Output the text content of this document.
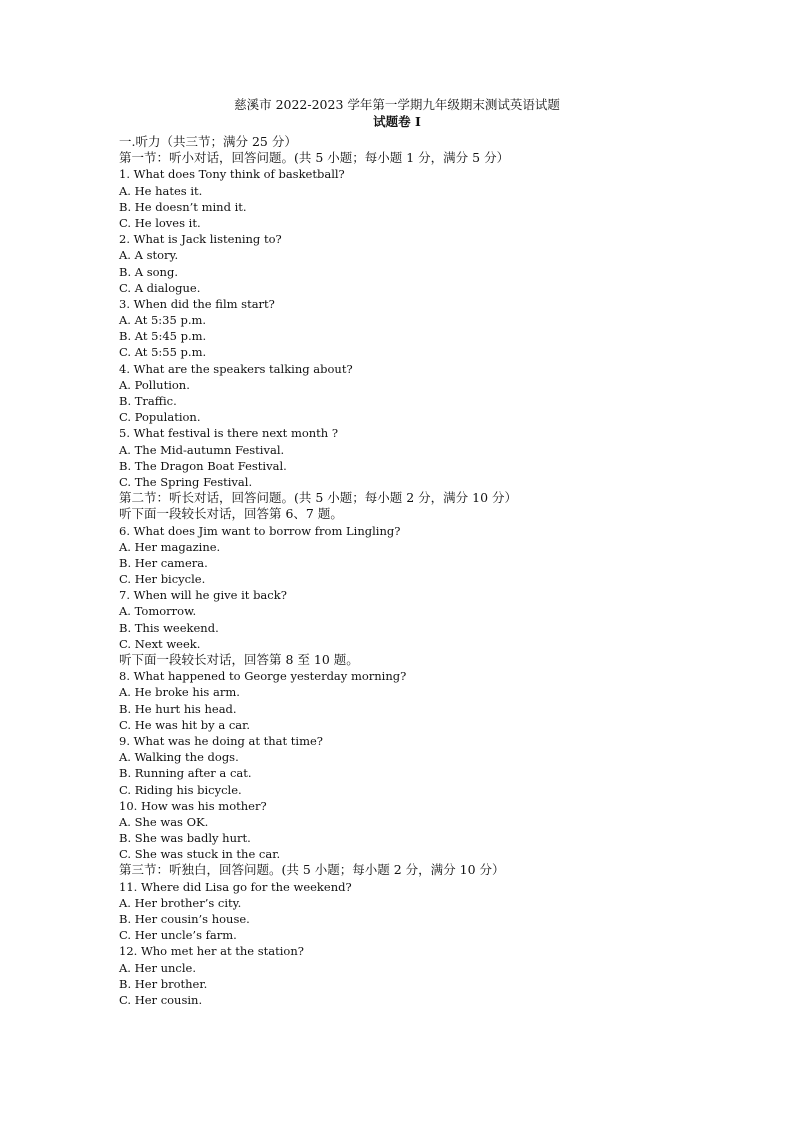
慈溪市 2022-2023 学年第一学期九年级期末测试英语试题
试题卷 I
一.听力（共三节；满分 25 分）
第一节：听小对话，回答问题。(共 5 小题；每小题 1 分，满分 5 分）
1. What does Tony think of basketball?
A. He hates it.
B. He doesn’t mind it.
C. He loves it.
2. What is Jack listening to?
A. A story.
B. A song.
C. A dialogue.
3. When did the film start?
A. At 5:35 p.m.
B. At 5:45 p.m.
C. At 5:55 p.m.
4. What are the speakers talking about?
A. Pollution.
B. Traffic.
C. Population.
5. What festival is there next month ?
A. The Mid-autumn Festival.
B. The Dragon Boat Festival.
C. The Spring Festival.
第二节：听长对话，回答问题。(共 5 小题；每小题 2 分，满分 10 分）
听下面一段较长对话，回答第 6、7 题。
6. What does Jim want to borrow from Lingling?
A. Her magazine.
B. Her camera.
C. Her bicycle.
7. When will he give it back?
A. Tomorrow.
B. This weekend.
C. Next week.
听下面一段较长对话，回答第 8 至 10 题。
8. What happened to George yesterday morning?
A. He broke his arm.
B. He hurt his head.
C. He was hit by a car.
9. What was he doing at that time?
A. Walking the dogs.
B. Running after a cat.
C. Riding his bicycle.
10. How was his mother?
A. She was OK.
B. She was badly hurt.
C. She was stuck in the car.
第三节：听独白，回答问题。(共 5 小题；每小题 2 分，满分 10 分）
11. Where did Lisa go for the weekend?
A. Her brother’s city.
B. Her cousin’s house.
C. Her uncle’s farm.
12. Who met her at the station?
A. Her uncle.
B. Her brother.
C. Her cousin.
